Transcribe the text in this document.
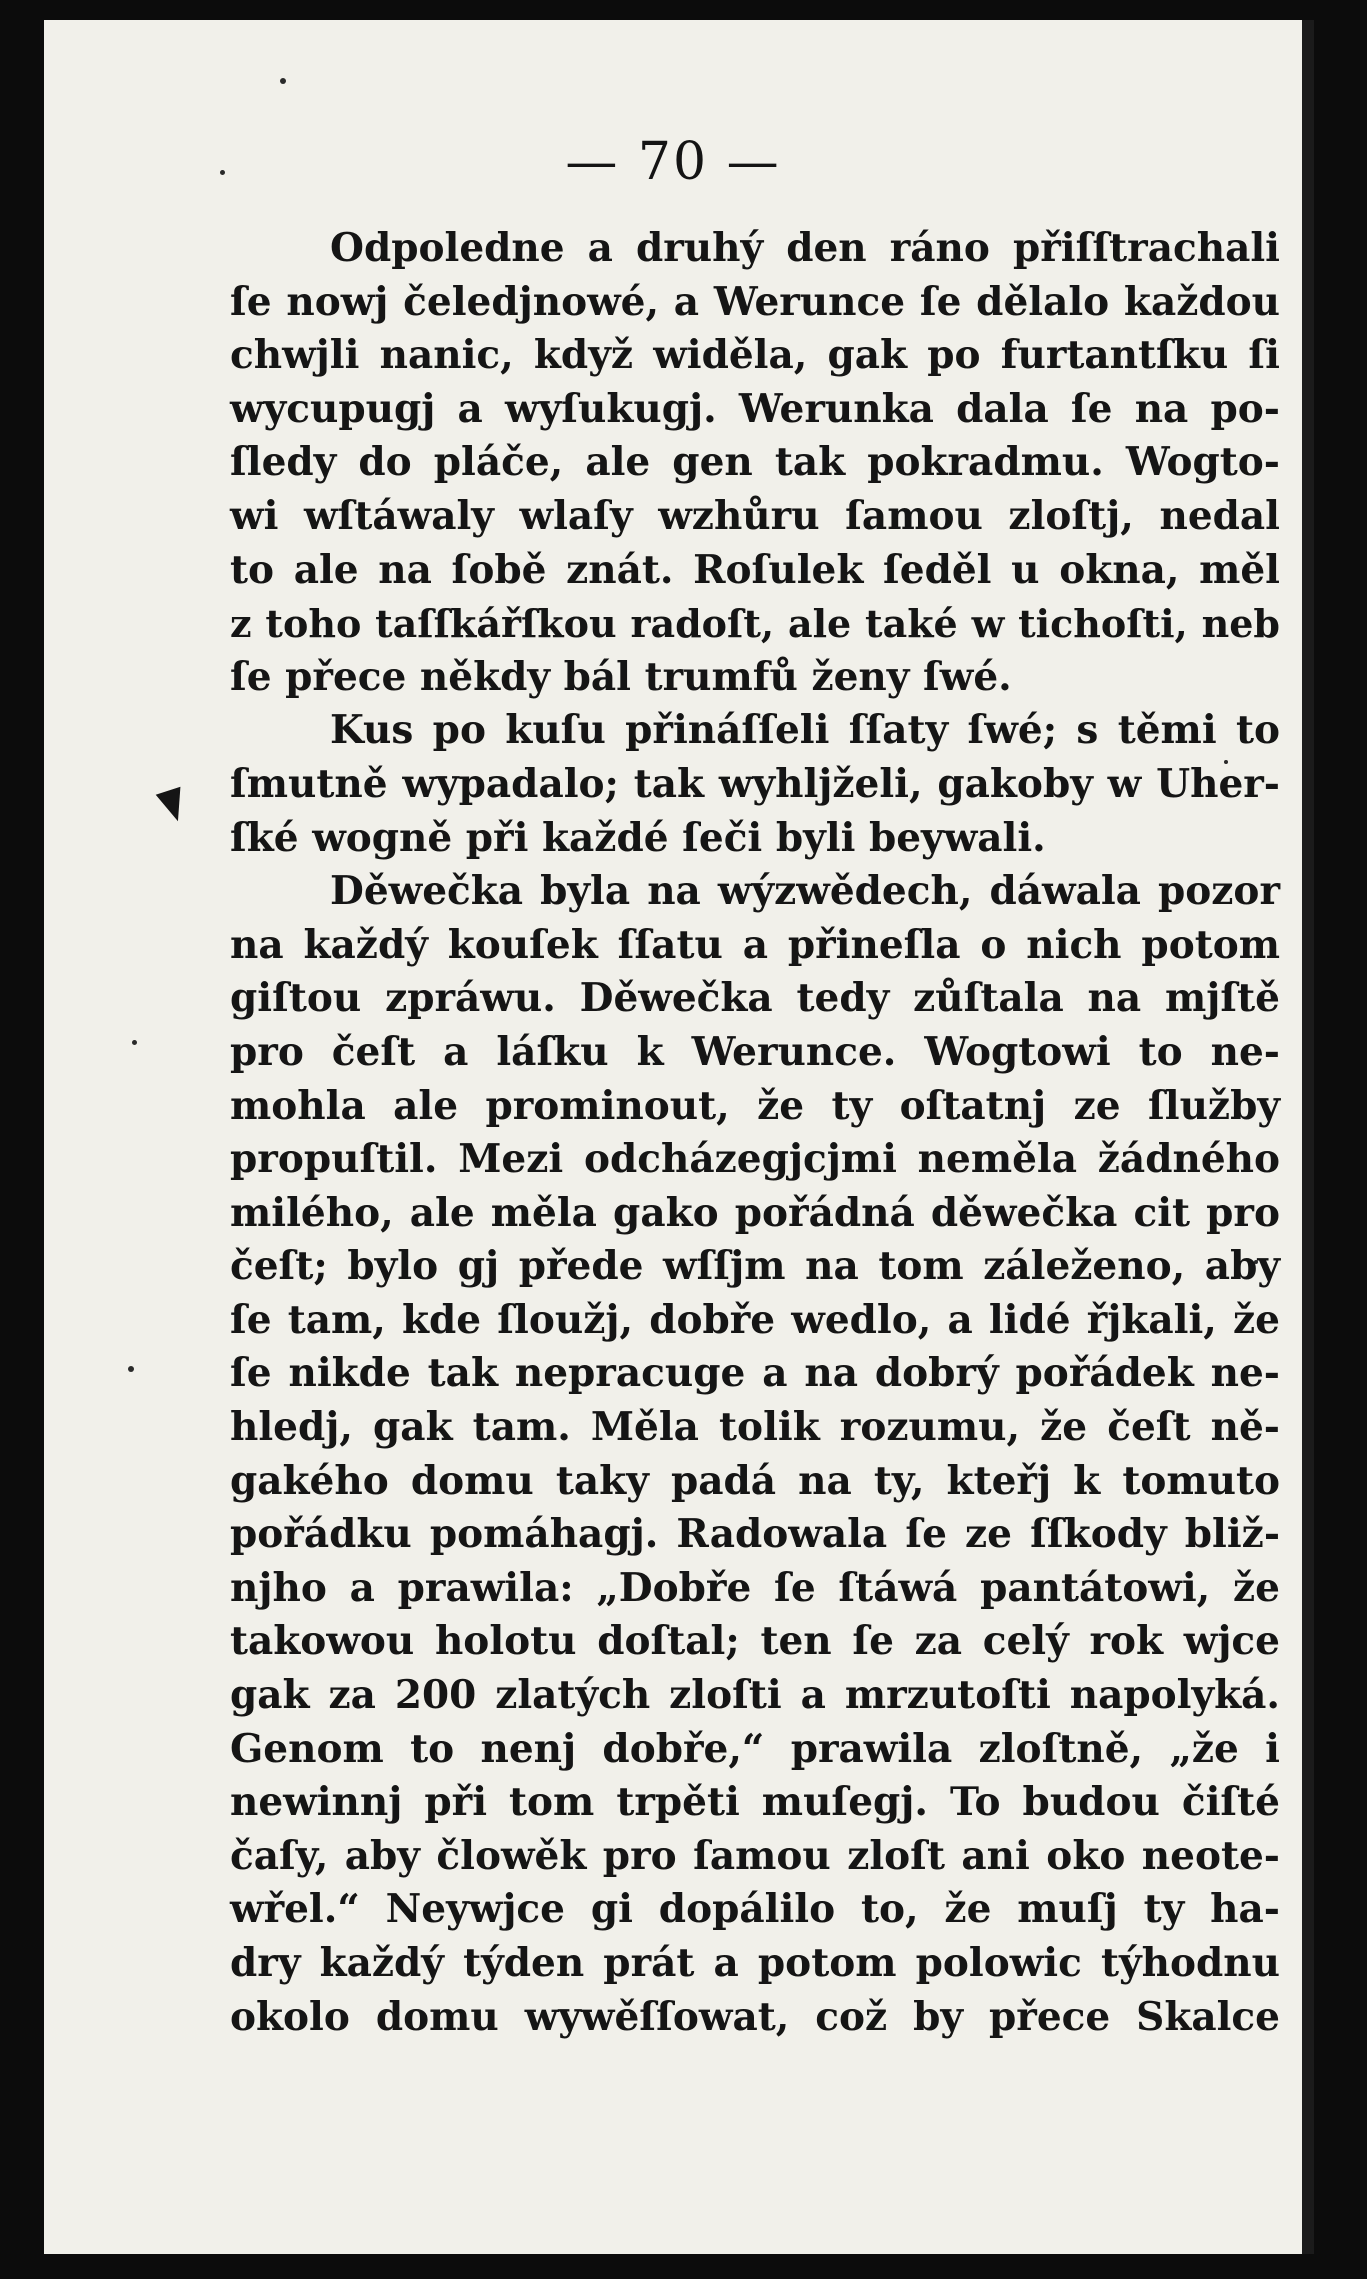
— 70 —
Odpoledne a druhý den ráno přiſſtrachali
ſe nowj čeledjnowé, a Werunce ſe dělalo každou
chwjli nanic, když widěla, gak po furtantſku ſi
wycupugj a wyſukugj. Werunka dala ſe na po-
ſledy do pláče, ale gen tak pokradmu. Wogto-
wi wſtáwaly wlaſy wzhůru ſamou zloſtj, nedal
to ale na ſobě znát. Roſulek ſeděl u okna, měl
z toho taſſkářſkou radoſt, ale také w tichoſti, neb
ſe přece někdy bál trumfů ženy ſwé.
Kus po kuſu přináſſeli ſſaty ſwé; s těmi to
ſmutně wypadalo; tak wyhljželi, gakoby w Uher-
ſké wogně při každé ſeči byli beywali.
Děwečka byla na wýzwědech, dáwala pozor
na každý kouſek ſſatu a přineſla o nich potom
giſtou zpráwu. Děwečka tedy zůſtala na mjſtě
pro čeſt a láſku k Werunce. Wogtowi to ne-
mohla ale prominout, že ty oſtatnj ze ſlužby
propuſtil. Mezi odcházegjcjmi neměla žádného
milého, ale měla gako pořádná děwečka cit pro
čeſt; bylo gj přede wſſjm na tom záleženo, aby
ſe tam, kde ſloužj, dobře wedlo, a lidé řjkali, že
ſe nikde tak nepracuge a na dobrý pořádek ne-
hledj, gak tam. Měla tolik rozumu, že čeſt ně-
gakého domu taky padá na ty, kteřj k tomuto
pořádku pomáhagj. Radowala ſe ze ſſkody bliž-
njho a prawila: „Dobře ſe ſtáwá pantátowi, že
takowou holotu doſtal; ten ſe za celý rok wjce
gak za 200 zlatých zloſti a mrzutoſti napolyká.
Genom to nenj dobře,“ prawila zloſtně, „že i
newinnj při tom trpěti muſegj. To budou čiſté
čaſy, aby člowěk pro ſamou zloſt ani oko neote-
wřel.“ Neywjce gi dopálilo to, že muſj ty ha-
dry každý týden prát a potom polowic týhodnu
okolo domu wywěſſowat, což by přece Skalce
